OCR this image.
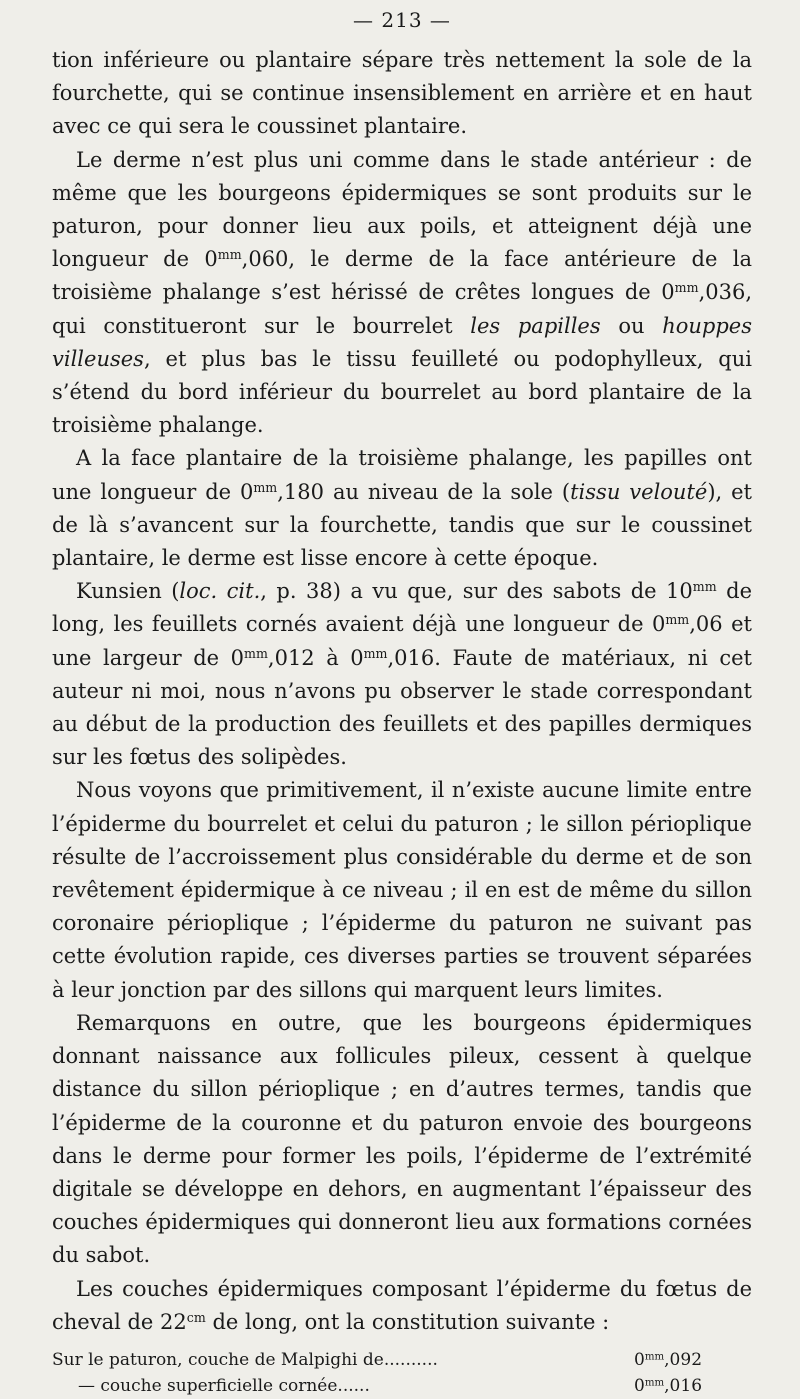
— 213 —

tion inférieure ou plantaire sépare très nettement la sole de la fourchette, qui se continue insensiblement en arrière et en haut avec ce qui sera le coussinet plantaire.

Le derme n’est plus uni comme dans le stade antérieur : de même que les bourgeons épidermiques se sont produits sur le paturon, pour donner lieu aux poils, et atteignent déjà une longueur de $0^{mm},060$, le derme de la face antérieure de la troisième phalange s’est hérissé de crêtes longues de $0^{mm},036$, qui constitueront sur le bourrelet les papilles ou houppes villeuses, et plus bas le tissu feuilleté ou podophylleux, qui s’étend du bord inférieur du bourrelet au bord plantaire de la troisième phalange.

A la face plantaire de la troisième phalange, les papilles ont une longueur de $0^{mm},180$ au niveau de la sole (tissu velouté), et de là s’avancent sur la fourchette, tandis que sur le coussinet plantaire, le derme est lisse encore à cette époque.

Kunsien (loc. cit., p. 38) a vu que, sur des sabots de $10^{mm}$ de long, les feuillets cornés avaient déjà une longueur de $0^{mm},06$ et une largeur de $0^{mm},012$ à $0^{mm},016$. Faute de matériaux, ni cet auteur ni moi, nous n’avons pu observer le stade correspondant au début de la production des feuillets et des papilles dermiques sur les fœtus des solipèdes.

Nous voyons que primitivement, il n’existe aucune limite entre l’épiderme du bourrelet et celui du paturon ; le sillon périoplique résulte de l’accroissement plus considérable du derme et de son revêtement épidermique à ce niveau ; il en est de même du sillon coronaire périoplique ; l’épiderme du paturon ne suivant pas cette évolution rapide, ces diverses parties se trouvent séparées à leur jonction par des sillons qui marquent leurs limites.

Remarquons en outre, que les bourgeons épidermiques donnant naissance aux follicules pileux, cessent à quelque distance du sillon périoplique ; en d’autres termes, tandis que l’épiderme de la couronne et du paturon envoie des bourgeons dans le derme pour former les poils, l’épiderme de l’extrémité digitale se développe en dehors, en augmentant l’épaisseur des couches épidermiques qui donneront lieu aux formations cornées du sabot.

Les couches épidermiques composant l’épiderme du fœtus de cheval de $22^{cm}$ de long, ont la constitution suivante :

Sur le paturon, couche de Malpighi de..........	$0^{mm},092$
— couche superficielle cornée......	$0^{mm},016$
